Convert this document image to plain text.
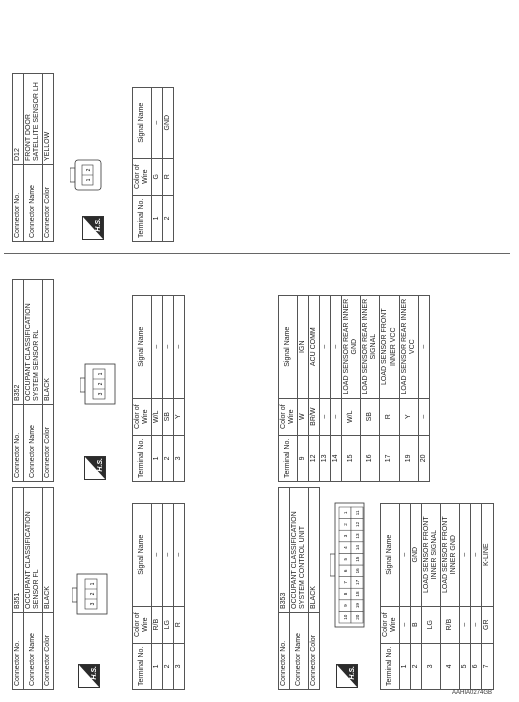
Connector No.	B351
Connector Name	OCCUPANT CLASSIFICATION SENSOR FL
Connector Color	BLACK
H.S.
3
2
1
Terminal No.	Color of Wire	Signal Name
1	R/B	–
2	LG	–
3	R	–
Connector No.	B352
Connector Name	OCCUPANT CLASSIFICATION SYSTEM SENSOR RL
Connector Color	BLACK
H.S.
3
2
1
Terminal No.	Color of Wire	Signal Name
1	W/L	–
2	SB	–
3	Y	–
Connector No.	B353
Connector Name	OCCUPANT CLASSIFICATION SYSTEM CONTROL UNIT
Connector Color	BLACK
H.S.
10
9
8
7
6
5
4
3
2
1
20
19
18
17
16
15
14
13
12
11
Terminal No.	Color of Wire	Signal Name
1	–	–
2	B	GND
3	LG	LOAD SENSOR FRONT INNER SIGNAL
4	R/B	LOAD SENSOR FRONT INNER GND
5	–	–
6	–	–
7	GR	K-LINE
Terminal No.	Color of Wire	Signal Name
9	W	IGN
12	BR/W	ACU COMM
13	–	–
14	–	–
15	W/L	LOAD SENSOR REAR INNER GND
16	SB	LOAD SENSOR REAR INNER SIGNAL
17	R	LOAD SENSOR FRONT INNER VCC
19	Y	LOAD SENSOR REAR INNER VCC
20	–	–
Connector No.	D12
Connector Name	FRONT DOOR SATELLITE SENSOR LH
Connector Color	YELLOW
H.S.
1
2
Terminal No.	Color of Wire	Signal Name
1	G	–
2	R	GND
AAHIA0274GB
